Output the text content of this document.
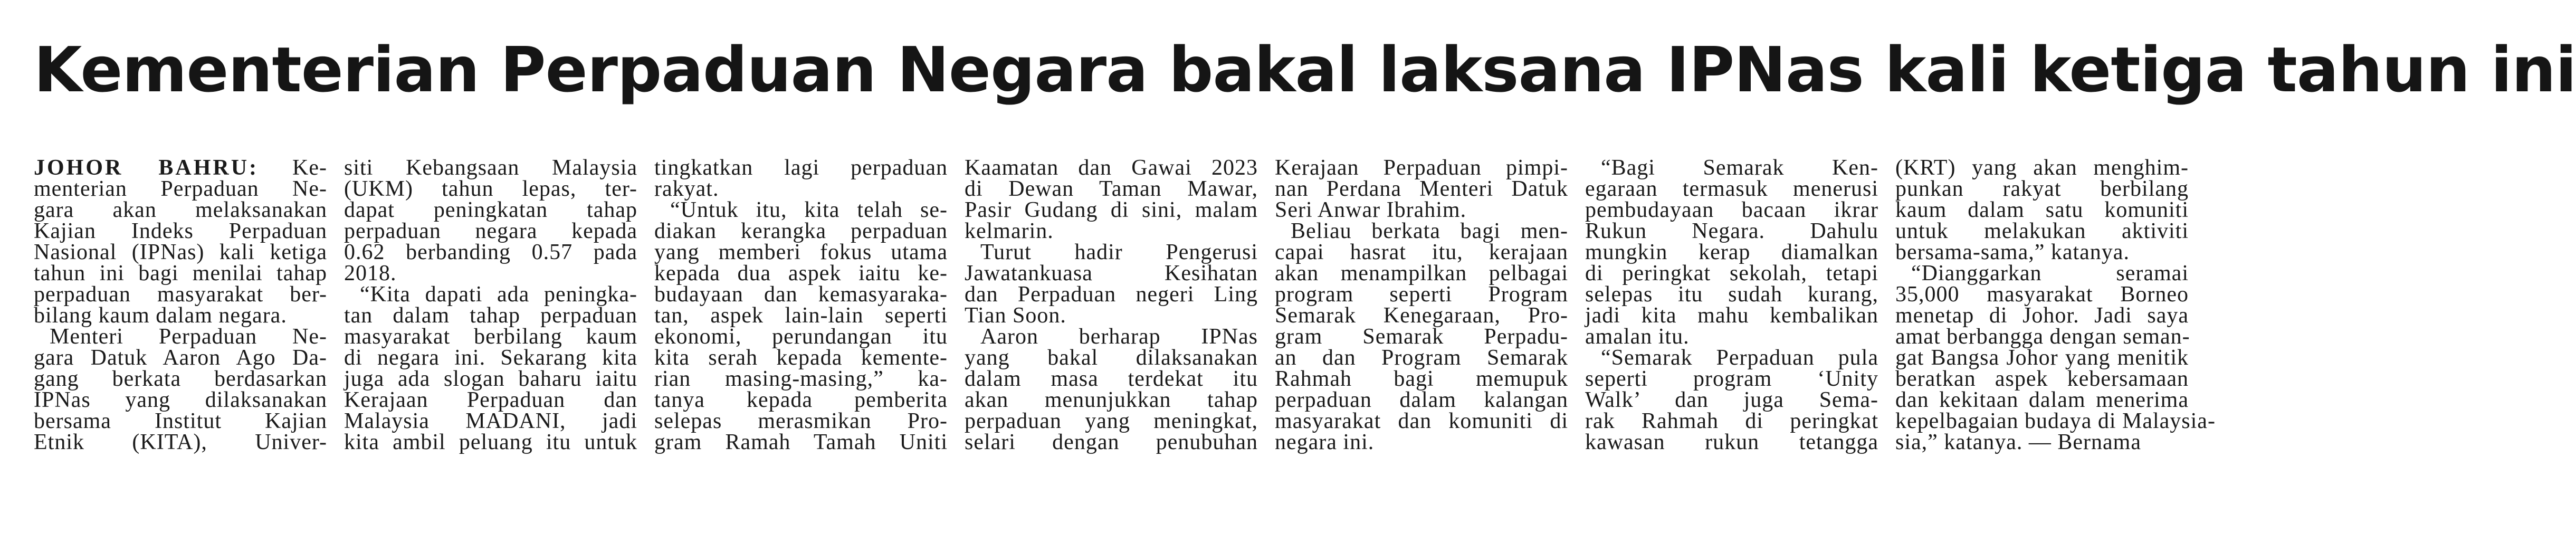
Kementerian Perpaduan Negara bakal laksana IPNas kali ketiga tahun ini
JOHOR BAHRU: Ke-
menterian Perpaduan Ne-
gara akan melaksanakan
Kajian Indeks Perpaduan
Nasional (IPNas) kali ketiga
tahun ini bagi menilai tahap
perpaduan masyarakat ber-
bilang kaum dalam negara.
Menteri Perpaduan Ne-
gara Datuk Aaron Ago Da-
gang berkata berdasarkan
IPNas yang dilaksanakan
bersama Institut Kajian
Etnik (KITA), Univer-
siti Kebangsaan Malaysia
(UKM) tahun lepas, ter-
dapat peningkatan tahap
perpaduan negara kepada
0.62 berbanding 0.57 pada
2018.
“Kita dapati ada peningka-
tan dalam tahap perpaduan
masyarakat berbilang kaum
di negara ini. Sekarang kita
juga ada slogan baharu iaitu
Kerajaan Perpaduan dan
Malaysia MADANI, jadi
kita ambil peluang itu untuk
tingkatkan lagi perpaduan
rakyat.
“Untuk itu, kita telah se-
diakan kerangka perpaduan
yang memberi fokus utama
kepada dua aspek iaitu ke-
budayaan dan kemasyaraka-
tan, aspek lain-lain seperti
ekonomi, perundangan itu
kita serah kepada kemente-
rian masing-masing,” ka-
tanya kepada pemberita
selepas merasmikan Pro-
gram Ramah Tamah Uniti
Kaamatan dan Gawai 2023
di Dewan Taman Mawar,
Pasir Gudang di sini, malam
kelmarin.
Turut hadir Pengerusi
Jawatankuasa Kesihatan
dan Perpaduan negeri Ling
Tian Soon.
Aaron berharap IPNas
yang bakal dilaksanakan
dalam masa terdekat itu
akan menunjukkan tahap
perpaduan yang meningkat,
selari dengan penubuhan
Kerajaan Perpaduan pimpi-
nan Perdana Menteri Datuk
Seri Anwar Ibrahim.
Beliau berkata bagi men-
capai hasrat itu, kerajaan
akan menampilkan pelbagai
program seperti Program
Semarak Kenegaraan, Pro-
gram Semarak Perpadu-
an dan Program Semarak
Rahmah bagi memupuk
perpaduan dalam kalangan
masyarakat dan komuniti di
negara ini.
“Bagi Semarak Ken-
egaraan termasuk menerusi
pembudayaan bacaan ikrar
Rukun Negara. Dahulu
mungkin kerap diamalkan
di peringkat sekolah, tetapi
selepas itu sudah kurang,
jadi kita mahu kembalikan
amalan itu.
“Semarak Perpaduan pula
seperti program ‘Unity
Walk’ dan juga Sema-
rak Rahmah di peringkat
kawasan rukun tetangga
(KRT) yang akan menghim-
punkan rakyat berbilang
kaum dalam satu komuniti
untuk melakukan aktiviti
bersama-sama,” katanya.
“Dianggarkan seramai
35,000 masyarakat Borneo
menetap di Johor. Jadi saya
amat berbangga dengan seman-
gat Bangsa Johor yang menitik
beratkan aspek kebersamaan
dan kekitaan dalam menerima
kepelbagaian budaya di Malaysia-
sia,” katanya. — Bernama
